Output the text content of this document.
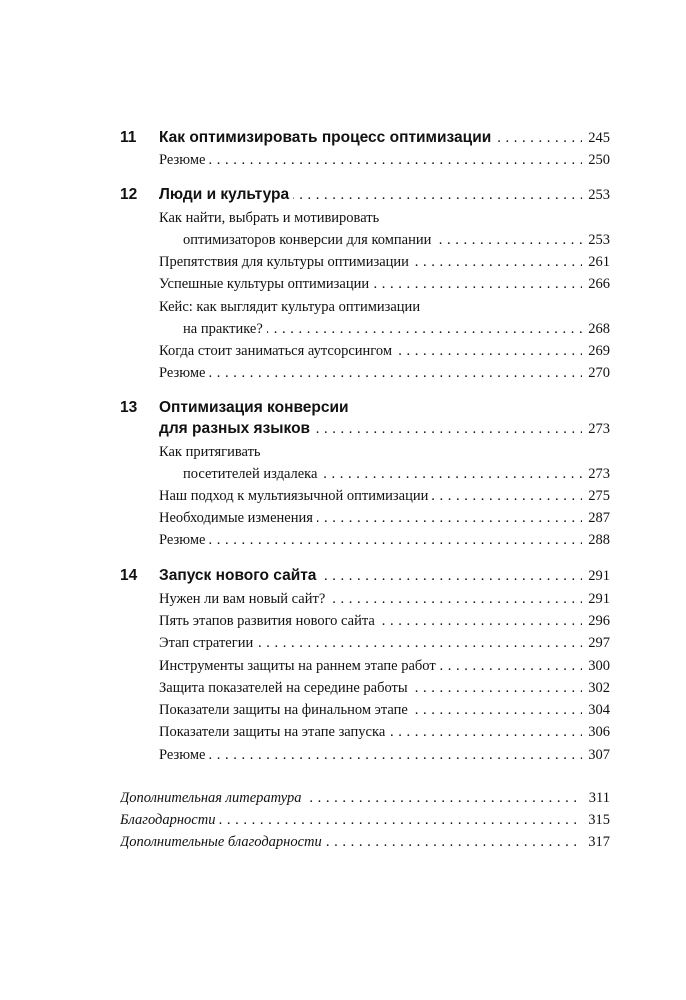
11 Как оптимизировать процесс оптимизации . . .	245
Резюме . . .	250
12 Люди и культура . . .	253
Как найти, выбрать и мотивировать
оптимизаторов конверсии для компании . . .	253
Препятствия для культуры оптимизации . . .	261
Успешные культуры оптимизации . . .	266
Кейс: как выглядит культура оптимизации
на практике? . . .	268
Когда стоит заниматься аутсорсингом . . .	269
Резюме . . .	270
13 Оптимизация конверсии
для разных языков . . .	273
Как притягивать
посетителей издалека . . .	273
Наш подход к мультиязычной оптимизации . . .	275
Необходимые изменения . . .	287
Резюме . . .	288
14 Запуск нового сайта . . .	291
Нужен ли вам новый сайт? . . .	291
Пять этапов развития нового сайта . . .	296
Этап стратегии . . .	297
Инструменты защиты на раннем этапе работ . . .	300
Защита показателей на середине работы . . .	302
Показатели защиты на финальном этапе . . .	304
Показатели защиты на этапе запуска . . .	306
Резюме . . .	307
Дополнительная литература . . .	311
Благодарности . . .	315
Дополнительные благодарности . . .	317
